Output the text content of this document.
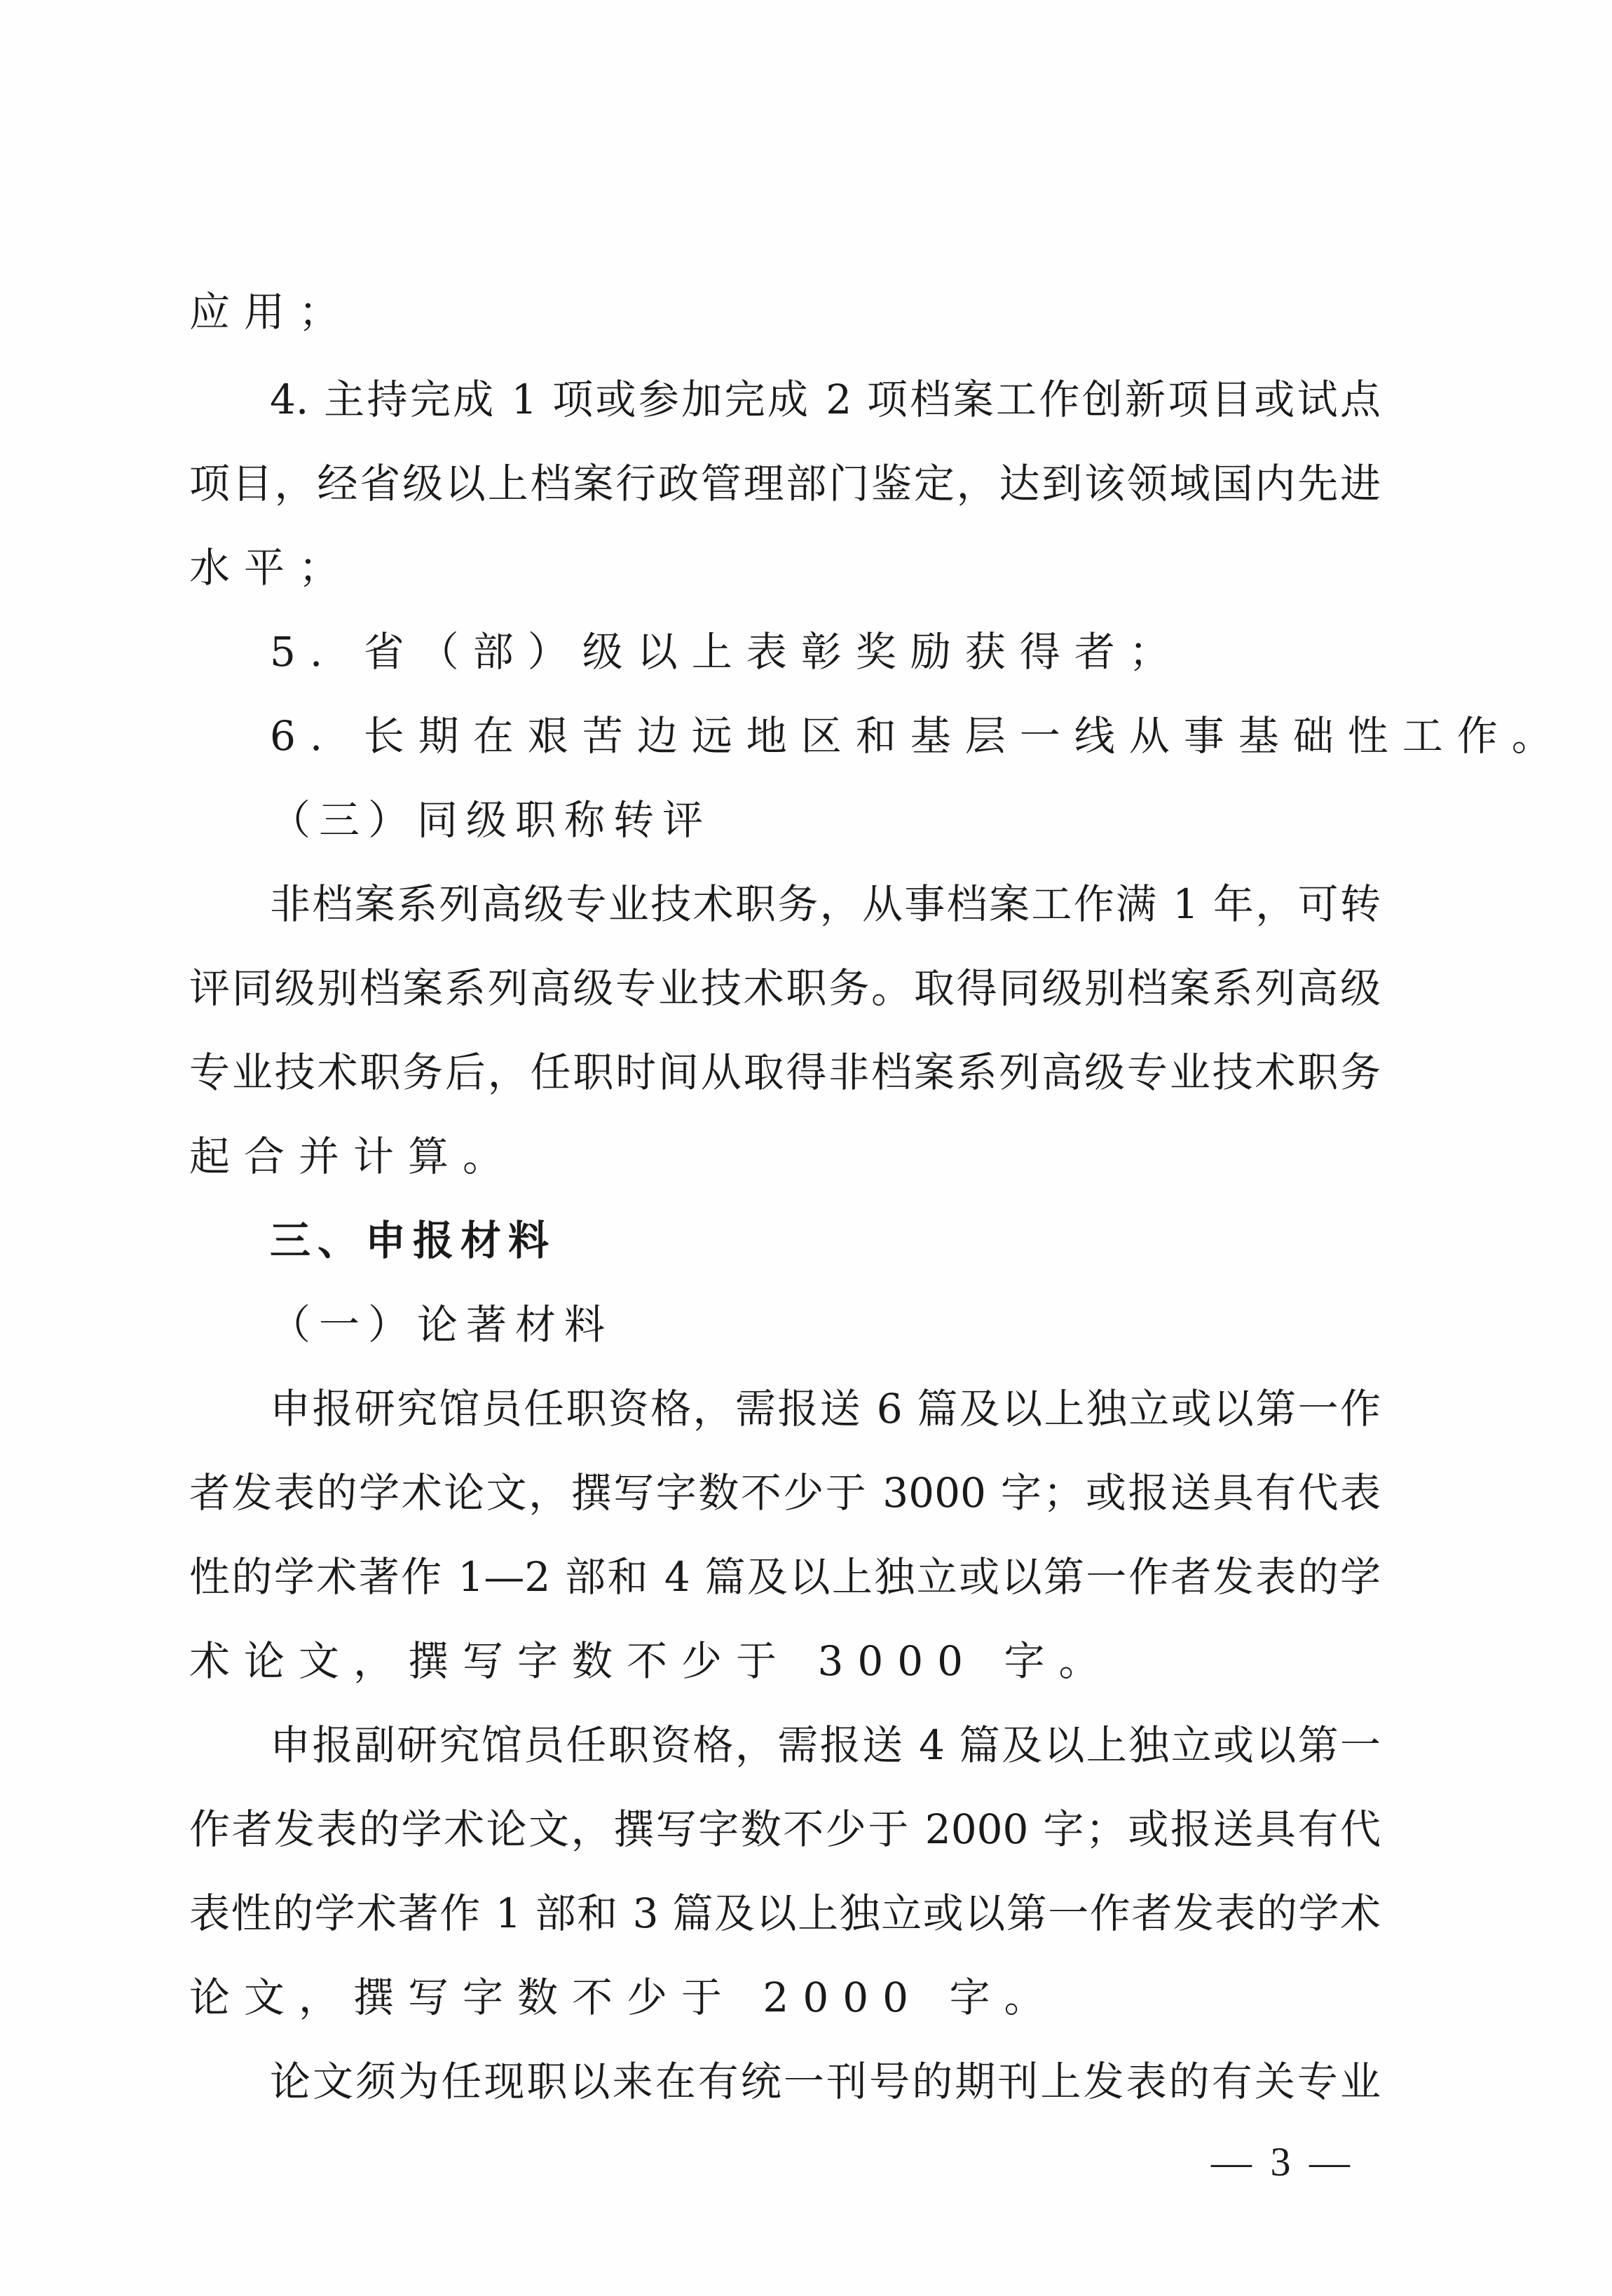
应用；
4. 主持完成 1 项或参加完成 2 项档案工作创新项目或试点
项目，经省级以上档案行政管理部门鉴定，达到该领域国内先进
水平；
5. 省（部）级以上表彰奖励获得者；
6. 长期在艰苦边远地区和基层一线从事基础性工作。
（三）同级职称转评
非档案系列高级专业技术职务，从事档案工作满 1 年，可转
评同级别档案系列高级专业技术职务。取得同级别档案系列高级
专业技术职务后，任职时间从取得非档案系列高级专业技术职务
起合并计算。
三、申报材料
（一）论著材料
申报研究馆员任职资格，需报送 6 篇及以上独立或以第一作
者发表的学术论文，撰写字数不少于 3000 字；或报送具有代表
性的学术著作 1—2 部和 4 篇及以上独立或以第一作者发表的学
术论文，撰写字数不少于 3000 字。
申报副研究馆员任职资格，需报送 4 篇及以上独立或以第一
作者发表的学术论文，撰写字数不少于 2000 字；或报送具有代
表性的学术著作 1 部和 3 篇及以上独立或以第一作者发表的学术
论文，撰写字数不少于 2000 字。
论文须为任现职以来在有统一刊号的期刊上发表的有关专业
— 3 —
